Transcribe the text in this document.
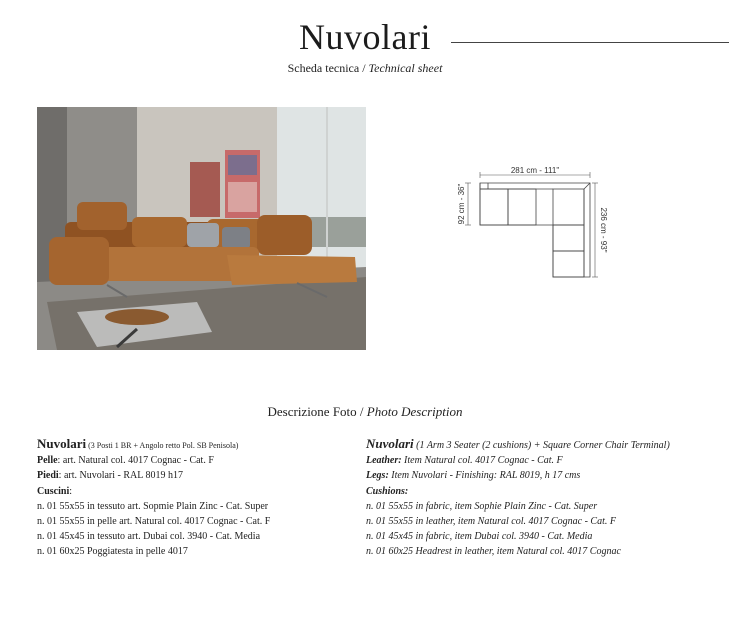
Nuvolari
Scheda tecnica / Technical sheet
281 cm - 111"
92 cm - 36"
236 cm - 93"
Descrizione Foto / Photo Description
Nuvolari (3 Posti 1 BR + Angolo retto Pol. SB Penisola)
Pelle: art. Natural col. 4017 Cognac - Cat. F
Piedi: art. Nuvolari - RAL 8019 h17
Cuscini:
n. 01 55x55 in tessuto art. Sopmie Plain Zinc - Cat. Super
n. 01 55x55 in pelle art. Natural col. 4017 Cognac - Cat. F
n. 01 45x45 in tessuto art. Dubai col. 3940 - Cat. Media
n. 01 60x25 Poggiatesta in pelle 4017
Nuvolari (1 Arm 3 Seater (2 cushions) + Square Corner Chair Terminal)
Leather: Item Natural col. 4017 Cognac - Cat. F
Legs: Item Nuvolari - Finishing: RAL 8019, h 17 cms
Cushions:
n. 01 55x55 in fabric, item Sophie Plain Zinc - Cat. Super
n. 01 55x55 in leather, item Natural col. 4017 Cognac - Cat. F
n. 01 45x45 in fabric, item Dubai col. 3940 - Cat. Media
n. 01 60x25 Headrest in leather, item Natural col. 4017 Cognac
